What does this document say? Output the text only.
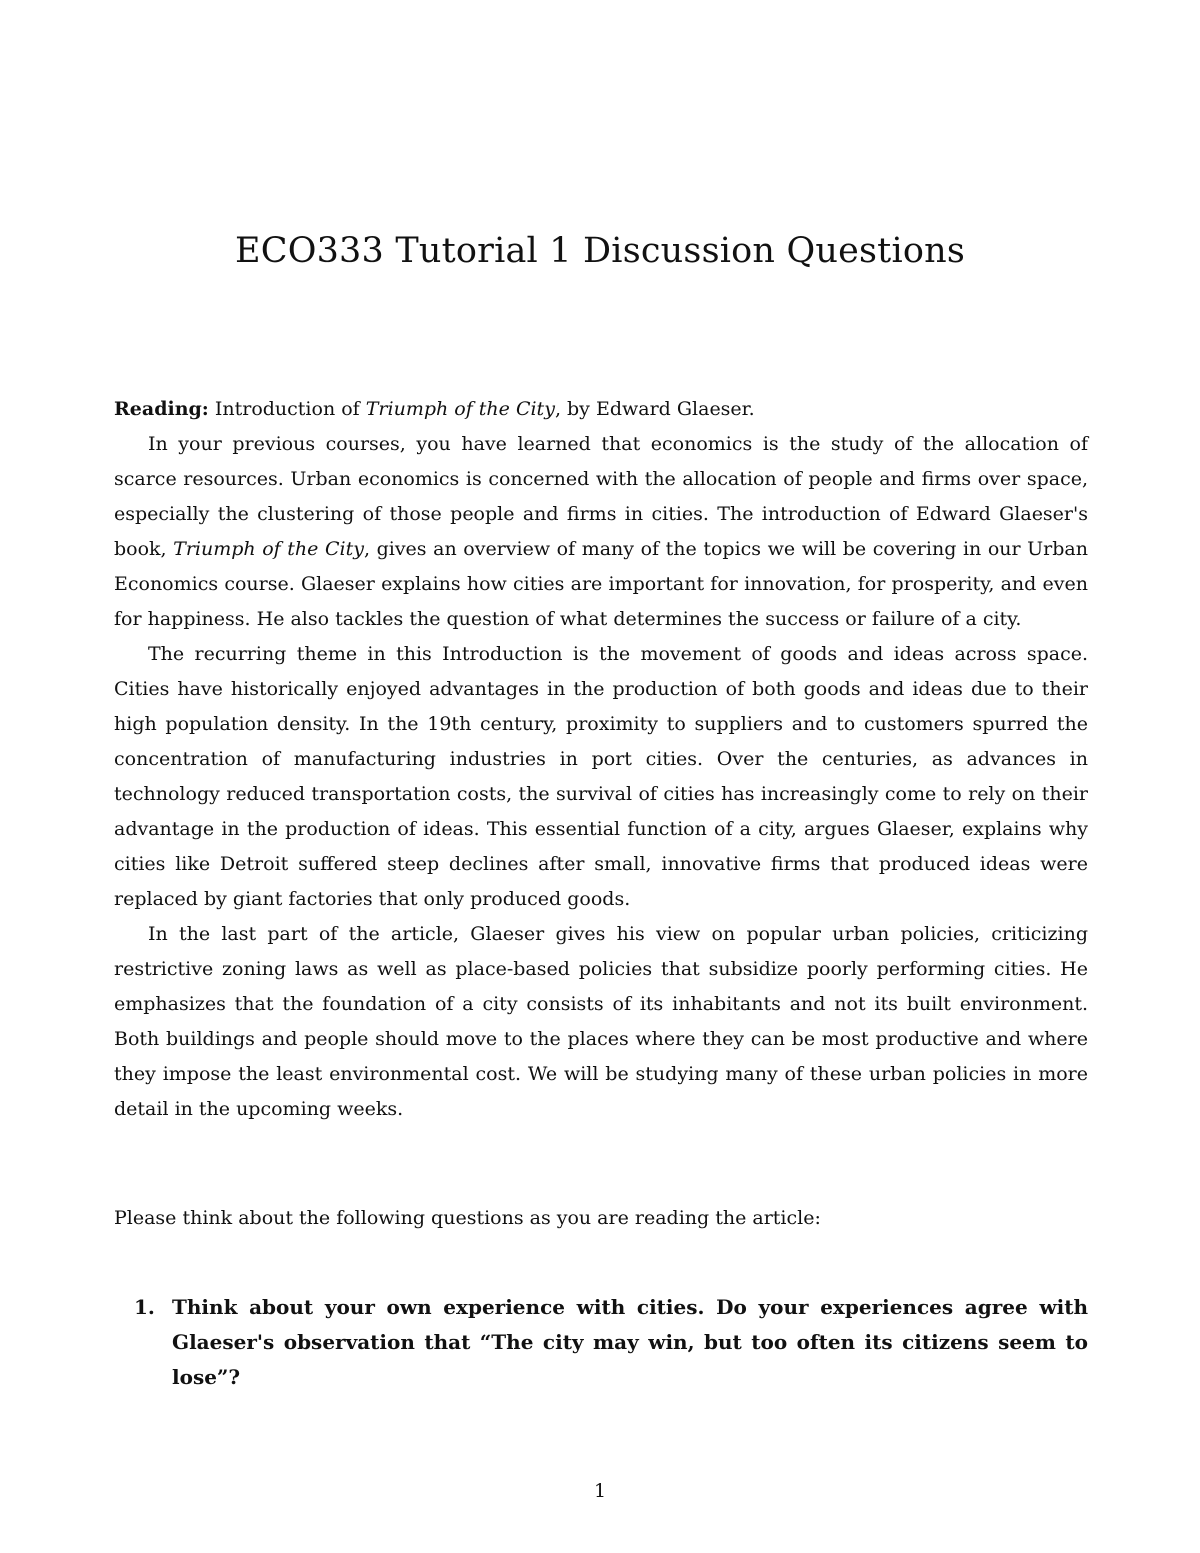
ECO333 Tutorial 1 Discussion Questions
Reading: Introduction of Triumph of the City, by Edward Glaeser.

In your previous courses, you have learned that economics is the study of the allocation of scarce resources. Urban economics is concerned with the allocation of people and firms over space, especially the clustering of those people and firms in cities. The introduction of Edward Glaeser's book, Triumph of the City, gives an overview of many of the topics we will be covering in our Urban Economics course. Glaeser explains how cities are important for innovation, for prosperity, and even for happiness. He also tackles the question of what determines the success or failure of a city.

The recurring theme in this Introduction is the movement of goods and ideas across space. Cities have historically enjoyed advantages in the production of both goods and ideas due to their high population density. In the 19th century, proximity to suppliers and to customers spurred the concentration of manufacturing industries in port cities. Over the centuries, as advances in technology reduced transportation costs, the survival of cities has increasingly come to rely on their advantage in the production of ideas. This essential function of a city, argues Glaeser, explains why cities like Detroit suffered steep declines after small, innovative firms that produced ideas were replaced by giant factories that only produced goods.

In the last part of the article, Glaeser gives his view on popular urban policies, criticizing restrictive zoning laws as well as place-based policies that subsidize poorly performing cities. He emphasizes that the foundation of a city consists of its inhabitants and not its built environment. Both buildings and people should move to the places where they can be most productive and where they impose the least environmental cost. We will be studying many of these urban policies in more detail in the upcoming weeks.

Please think about the following questions as you are reading the article:
1. Think about your own experience with cities. Do your experiences agree with Glaeser's observation that “The city may win, but too often its citizens seem to lose”?
1
